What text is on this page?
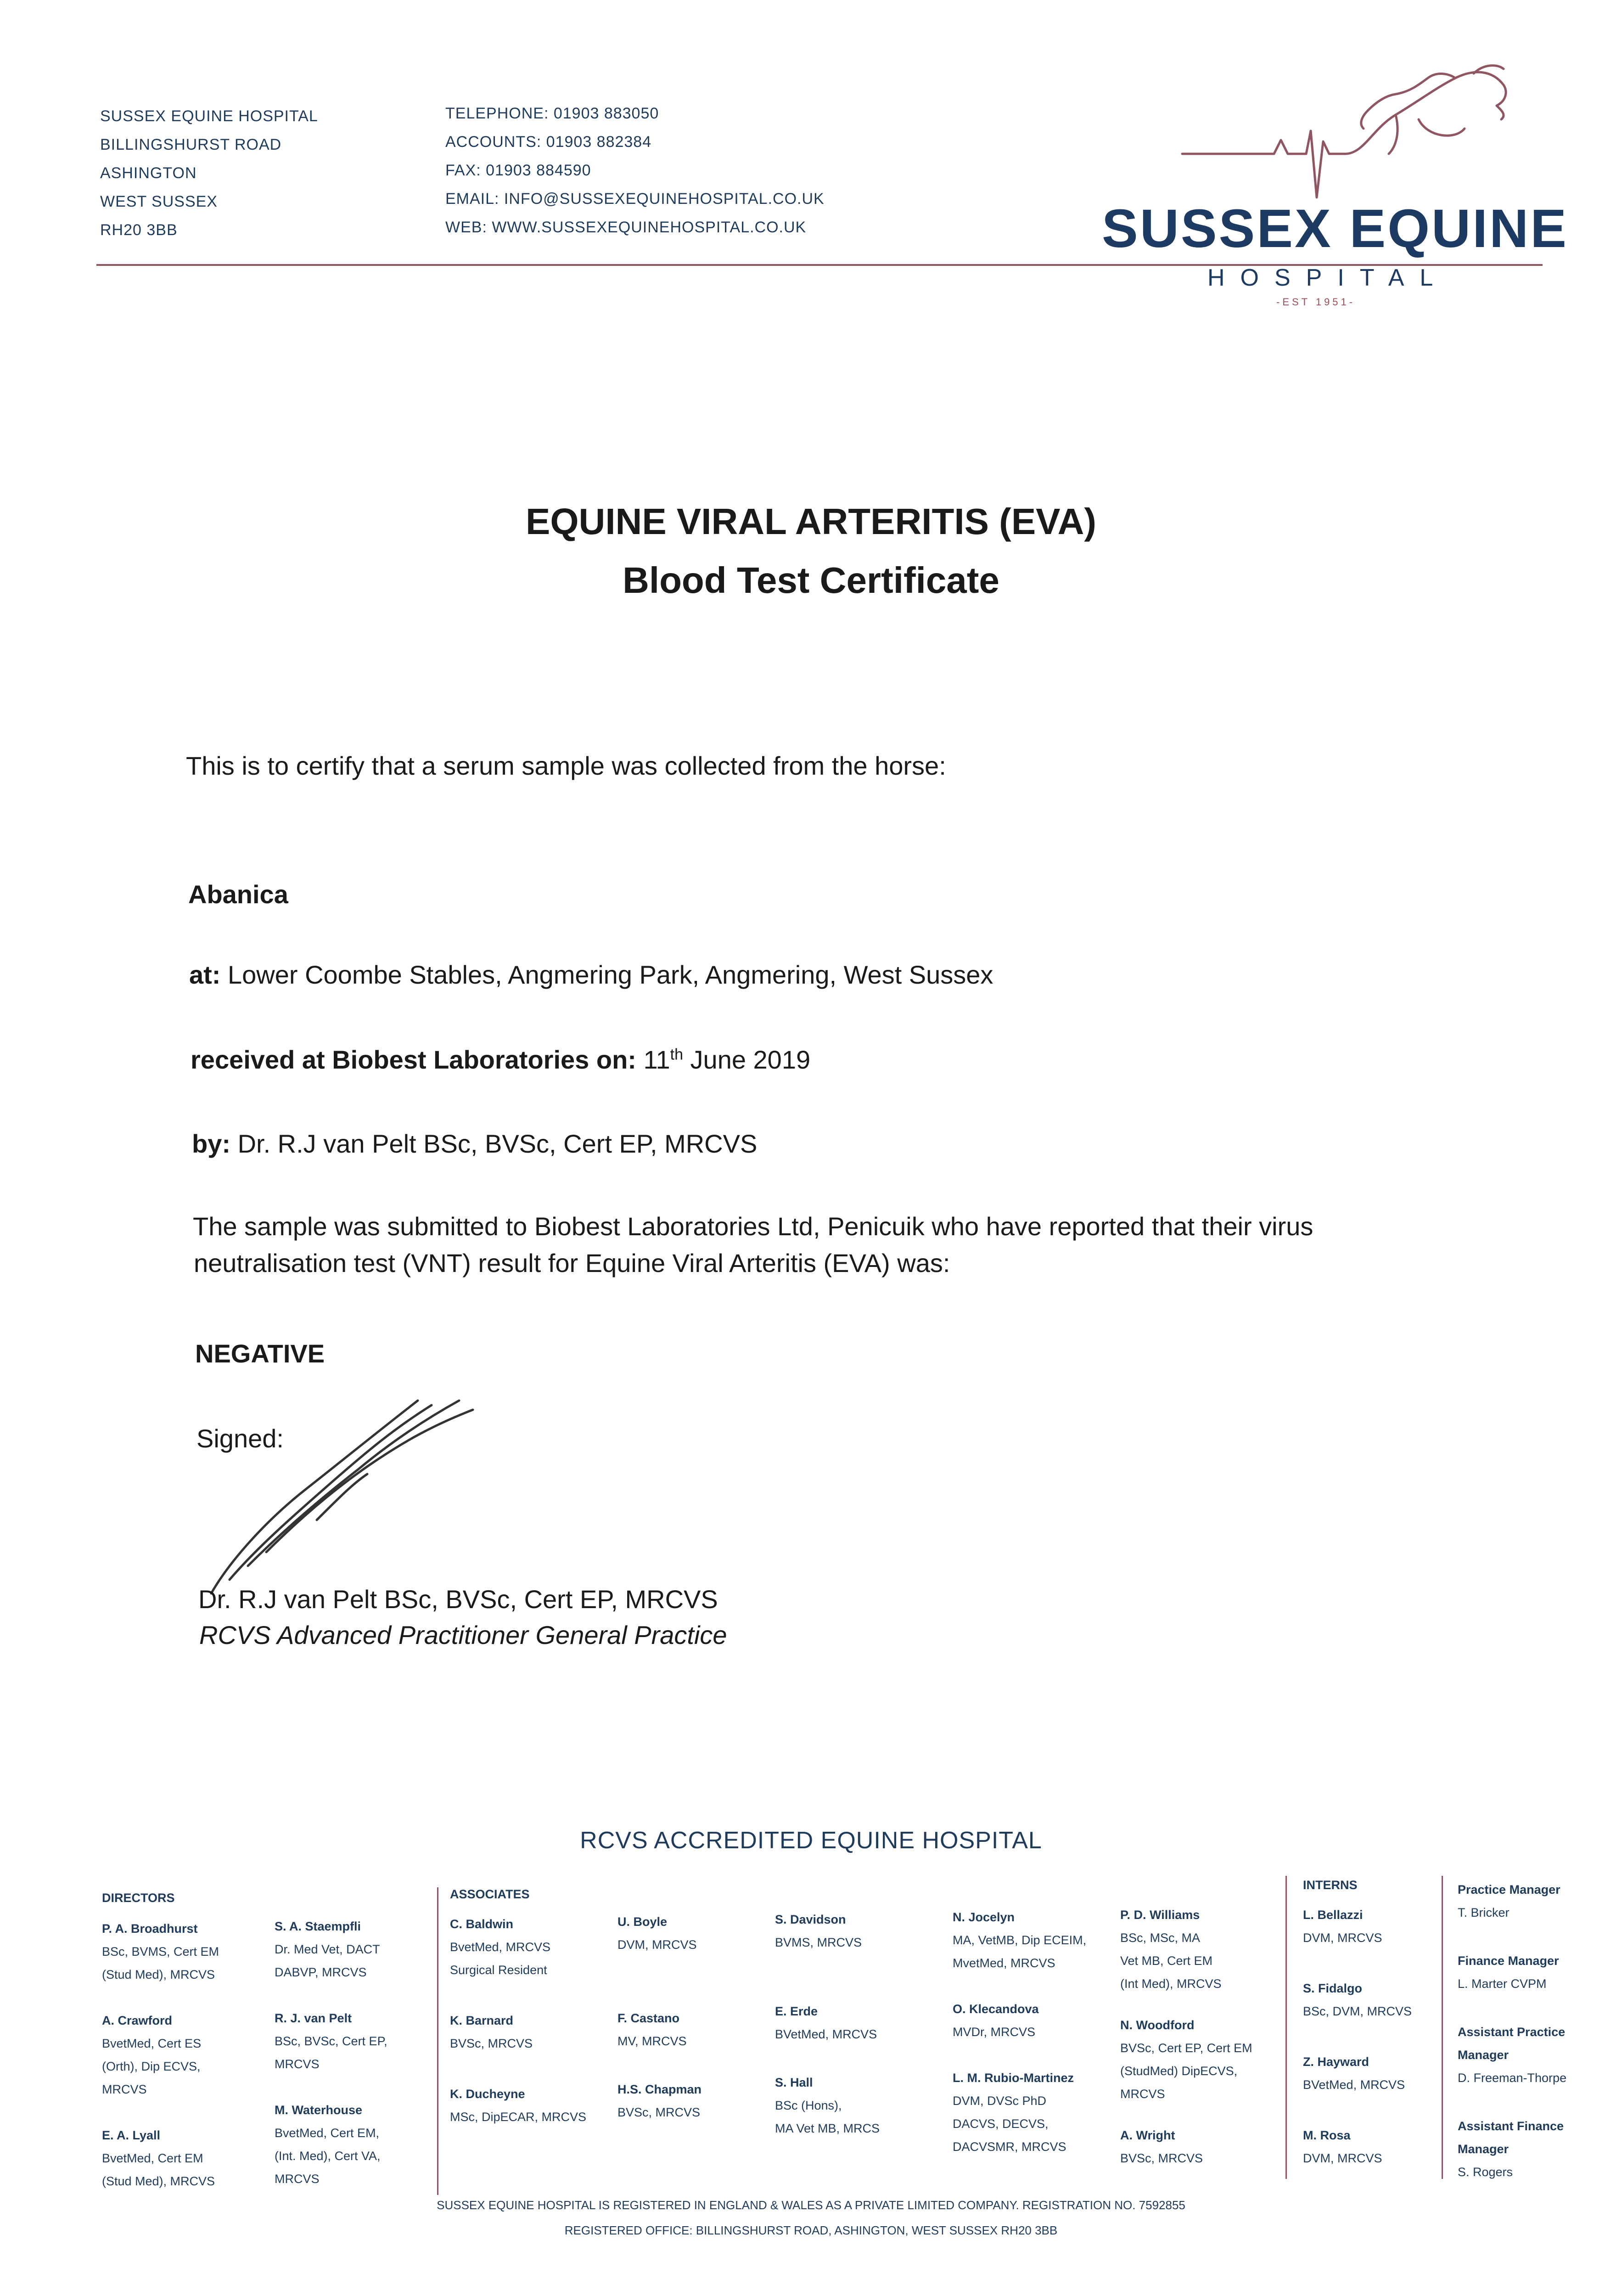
SUSSEX EQUINE HOSPITAL
BILLINGSHURST ROAD
ASHINGTON
WEST SUSSEX
RH20 3BB
TELEPHONE: 01903 883050
ACCOUNTS: 01903 882384
FAX: 01903 884590
EMAIL: INFO@SUSSEXEQUINEHOSPITAL.CO.UK
WEB: WWW.SUSSEXEQUINEHOSPITAL.CO.UK	SUSSEX EQUINE
HOSPITAL
-EST 1951-
EQUINE VIRAL ARTERITIS (EVA)
Blood Test Certificate
This is to certify that a serum sample was collected from the horse:
Abanica
at: Lower Coombe Stables, Angmering Park, Angmering, West Sussex
received at Biobest Laboratories on: 11th June 2019
by: Dr. R.J van Pelt BSc, BVSc, Cert EP, MRCVS
The sample was submitted to Biobest Laboratories Ltd, Penicuik who have reported that their virus
neutralisation test (VNT) result for Equine Viral Arteritis (EVA) was:
NEGATIVE
Signed:
Dr. R.J van Pelt BSc, BVSc, Cert EP, MRCVS
RCVS Advanced Practitioner General Practice
RCVS ACCREDITED EQUINE HOSPITAL
DIRECTORS
P. A. Broadhurst
BSc, BVMS, Cert EM
(Stud Med), MRCVS
A. Crawford
BvetMed, Cert ES
(Orth), Dip ECVS,
MRCVS
E. A. Lyall
BvetMed, Cert EM
(Stud Med), MRCVS
S. A. Staempfli
Dr. Med Vet, DACT
DABVP, MRCVS
R. J. van Pelt
BSc, BVSc, Cert EP,
MRCVS
M. Waterhouse
BvetMed, Cert EM,
(Int. Med), Cert VA,
MRCVS
ASSOCIATES
C. Baldwin
BvetMed, MRCVS
Surgical Resident
K. Barnard
BVSc, MRCVS
K. Ducheyne
MSc, DipECAR, MRCVS
U. Boyle
DVM, MRCVS
F. Castano
MV, MRCVS
H.S. Chapman
BVSc, MRCVS
S. Davidson
BVMS, MRCVS
E. Erde
BVetMed, MRCVS
S. Hall
BSc (Hons),
MA Vet MB, MRCS
N. Jocelyn
MA, VetMB, Dip ECEIM,
MvetMed, MRCVS
O. Klecandova
MVDr, MRCVS
L. M. Rubio-Martinez
DVM, DVSc PhD
DACVS, DECVS,
DACVSMR, MRCVS
P. D. Williams
BSc, MSc, MA
Vet MB, Cert EM
(Int Med), MRCVS
N. Woodford
BVSc, Cert EP, Cert EM
(StudMed) DipECVS,
MRCVS
A. Wright
BVSc, MRCVS
INTERNS
L. Bellazzi
DVM, MRCVS
S. Fidalgo
BSc, DVM, MRCVS
Z. Hayward
BVetMed, MRCVS
M. Rosa
DVM, MRCVS
Practice Manager
T. Bricker
Finance Manager
L. Marter CVPM
Assistant Practice
Manager
D. Freeman-Thorpe
Assistant Finance
Manager
S. Rogers
SUSSEX EQUINE HOSPITAL IS REGISTERED IN ENGLAND & WALES AS A PRIVATE LIMITED COMPANY. REGISTRATION NO. 7592855
REGISTERED OFFICE: BILLINGSHURST ROAD, ASHINGTON, WEST SUSSEX RH20 3BB
